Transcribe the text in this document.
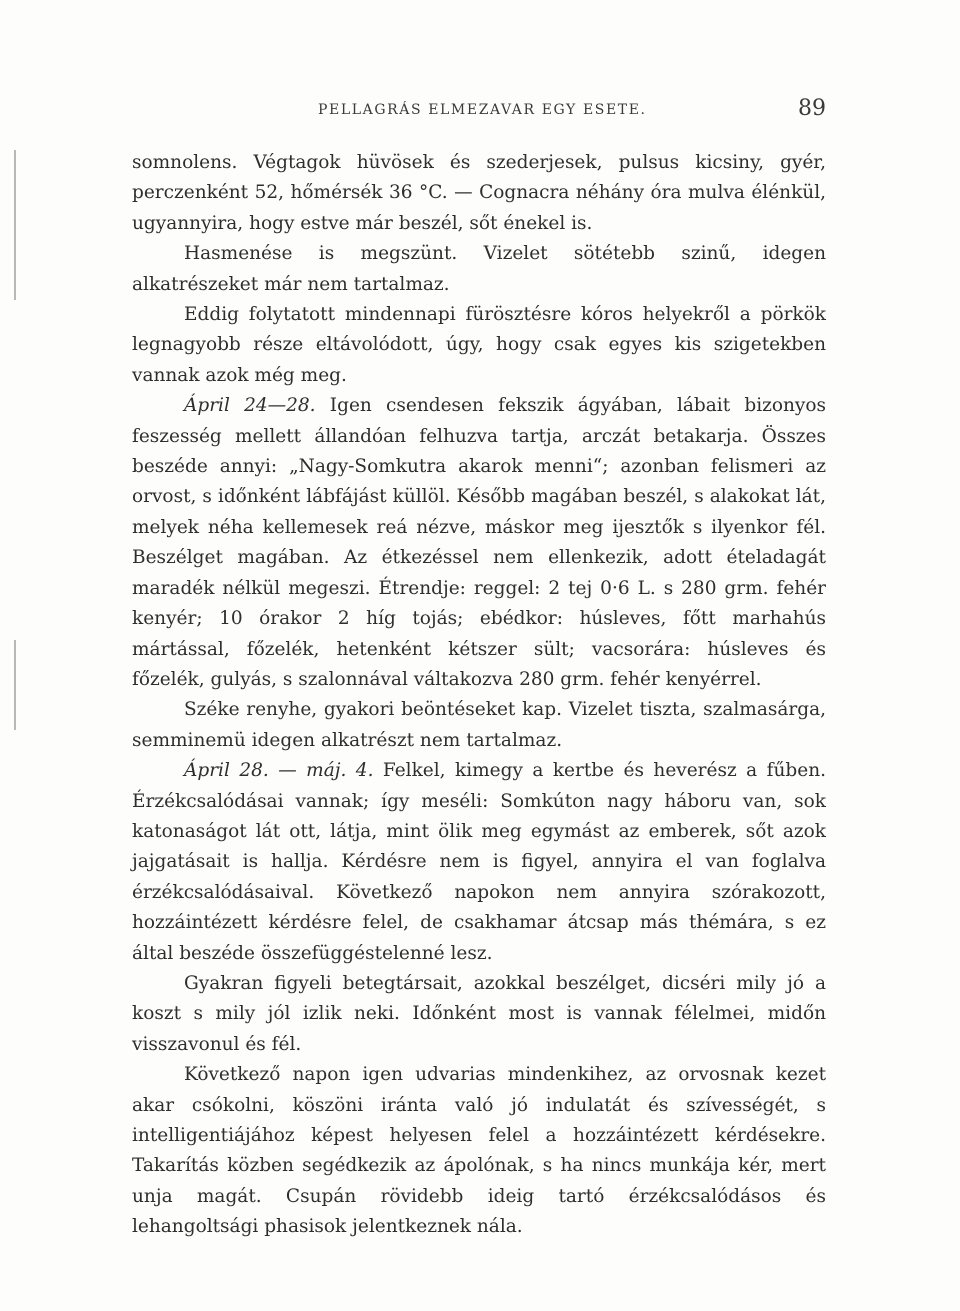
PELLAGRÁS ELMEZAVAR EGY ESETE.	89

somnolens. Végtagok hüvösek és szederjesek, pulsus kicsiny, gyér, perczenként 52, hőmérsék 36 °C. — Cognacra néhány óra mulva élénkül, ugyannyira, hogy estve már beszél, sőt énekel is.

Hasmenése is megszünt. Vizelet sötétebb szinű, idegen alkatrészeket már nem tartalmaz.

Eddig folytatott mindennapi fürösztésre kóros helyekről a pörkök legnagyobb része eltávolódott, úgy, hogy csak egyes kis szigetekben vannak azok még meg.

Ápril 24—28. Igen csendesen fekszik ágyában, lábait bizonyos feszesség mellett állandóan felhuzva tartja, arczát betakarja. Összes beszéde annyi: „Nagy-Somkutra akarok menni“; azonban felismeri az orvost, s időnként lábfájást küllöl. Később magában beszél, s alakokat lát, melyek néha kellemesek reá nézve, máskor meg ijesztők s ilyenkor fél. Beszélget magában. Az étkezéssel nem ellenkezik, adott ételadagát maradék nélkül megeszi. Étrendje: reggel: 2 tej 0·6 L. s 280 grm. fehér kenyér; 10 órakor 2 híg tojás; ebédkor: húsleves, főtt marhahús mártással, főzelék, hetenként kétszer sült; vacsorára: húsleves és főzelék, gulyás, s szalonnával váltakozva 280 grm. fehér kenyérrel.

Széke renyhe, gyakori beöntéseket kap. Vizelet tiszta, szalmasárga, semminemü idegen alkatrészt nem tartalmaz.

Ápril 28. — máj. 4. Felkel, kimegy a kertbe és heverész a fűben. Érzékcsalódásai vannak; így meséli: Somkúton nagy háboru van, sok katonaságot lát ott, látja, mint ölik meg egymást az emberek, sőt azok jajgatásait is hallja. Kérdésre nem is figyel, annyira el van foglalva érzékcsalódásaival. Következő napokon nem annyira szórakozott, hozzáintézett kérdésre felel, de csakhamar átcsap más thémára, s ez által beszéde összefüggéstelenné lesz.

Gyakran figyeli betegtársait, azokkal beszélget, dicséri mily jó a koszt s mily jól izlik neki. Időnként most is vannak félelmei, midőn visszavonul és fél.

Következő napon igen udvarias mindenkihez, az orvosnak kezet akar csókolni, köszöni iránta való jó indulatát és szívességét, s intelligentiájához képest helyesen felel a hozzáintézett kérdésekre. Takarítás közben segédkezik az ápolónak, s ha nincs munkája kér, mert unja magát. Csupán rövidebb ideig tartó érzékcsalódásos és lehangoltsági phasisok jelentkeznek nála.
